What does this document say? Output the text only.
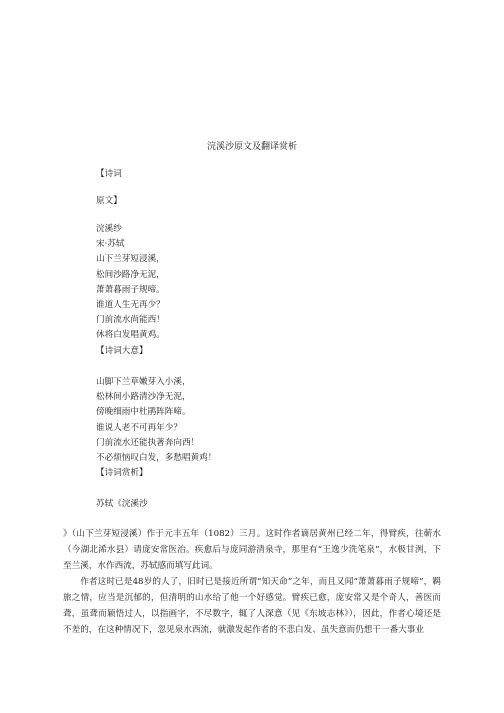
浣溪沙原文及翻译赏析
【诗词
原文】
浣溪纱
宋·苏轼
山下兰芽短浸溪，
松间沙路净无泥，
萧萧暮雨子规啼。
谁道人生无再少？
门前流水尚能西！
休将白发唱黄鸡。
【诗词大意】
山脚下兰草嫩芽入小溪，
松林间小路清沙净无泥，
傍晚细雨中杜鹃阵阵啼。
谁说人老不可再年少？
门前流水还能执著奔向西！
不必烦恼叹白发，多愁唱黄鸡！
【诗词赏析】
苏轼《浣溪沙

》（山下兰芽短浸溪）作于元丰五年（1082）三月。这时作者谪居黄州已经二年，得臂疾，往蕲水（今湖北浠水县）请庞安常医治。疾愈后与庞同游清泉寺，那里有“王逸少洗笔泉”，水极甘洌，下至兰溪，水作西流，苏轼感而填写此词。

作者这时已是48岁的人了，旧时已是接近所谓“知天命”之年，而且又闻“萧萧暮雨子规啼”，羁旅之情，应当是沉郁的，但清明的山水给了他一个好感觉。臂疾已愈，庞安常又是个奇人，善医而聋，虽聋而颖悟过人，以指画字，不尽数字，辄了人深意（见《东坡志林》），因此，作者心境还是不差的，在这种情况下，忽见泉水西流，就激发起作者的不悲白发、虽失意而仍想干一番大事业
